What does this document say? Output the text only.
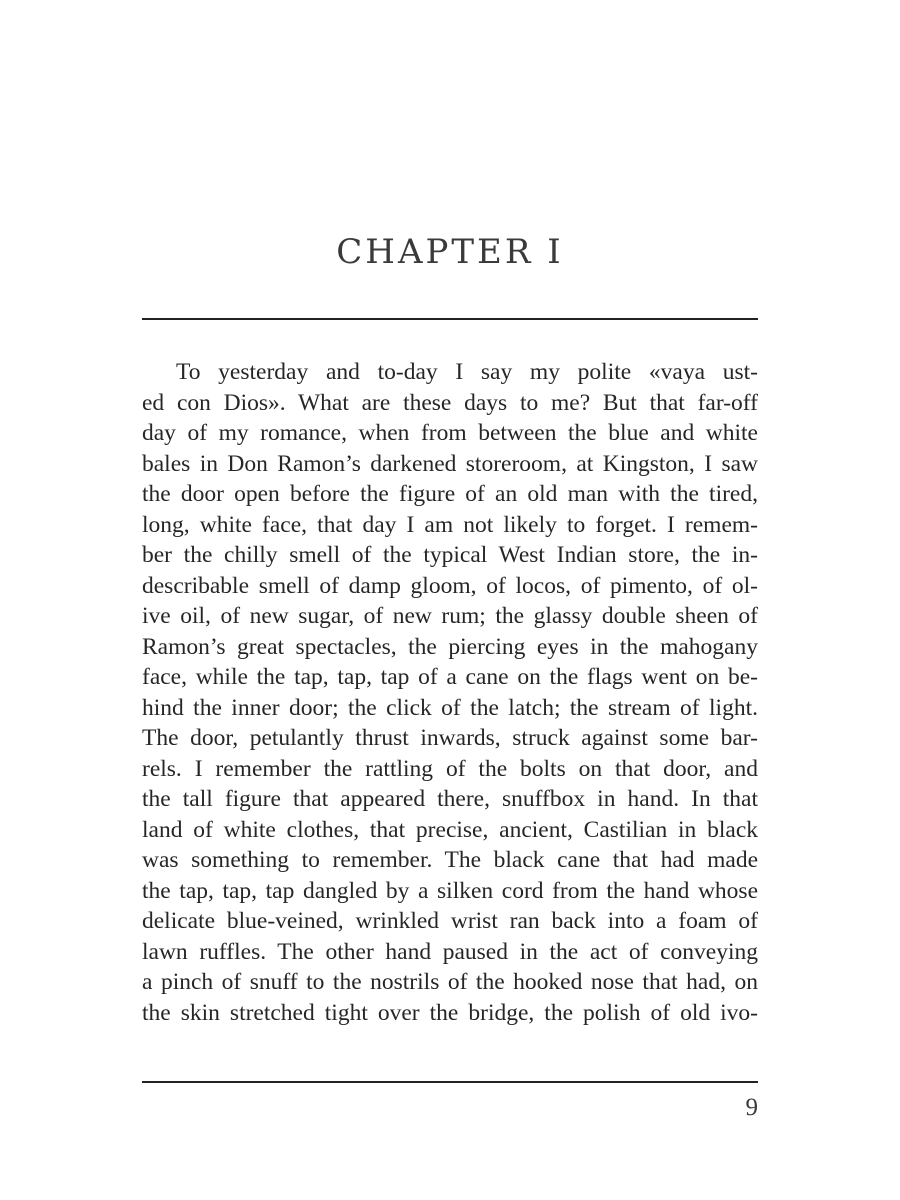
CHAPTER I
To yesterday and to-day I say my polite «vaya ust-
ed con Dios». What are these days to me? But that far-off
day of my romance, when from between the blue and white
bales in Don Ramon’s darkened storeroom, at Kingston, I saw
the door open before the figure of an old man with the tired,
long, white face, that day I am not likely to forget. I remem-
ber the chilly smell of the typical West Indian store, the in-
describable smell of damp gloom, of locos, of pimento, of ol-
ive oil, of new sugar, of new rum; the glassy double sheen of
Ramon’s great spectacles, the piercing eyes in the mahogany
face, while the tap, tap, tap of a cane on the flags went on be-
hind the inner door; the click of the latch; the stream of light.
The door, petulantly thrust inwards, struck against some bar-
rels. I remember the rattling of the bolts on that door, and
the tall figure that appeared there, snuffbox in hand. In that
land of white clothes, that precise, ancient, Castilian in black
was something to remember. The black cane that had made
the tap, tap, tap dangled by a silken cord from the hand whose
delicate blue-veined, wrinkled wrist ran back into a foam of
lawn ruffles. The other hand paused in the act of conveying
a pinch of snuff to the nostrils of the hooked nose that had, on
the skin stretched tight over the bridge, the polish of old ivo-
9
